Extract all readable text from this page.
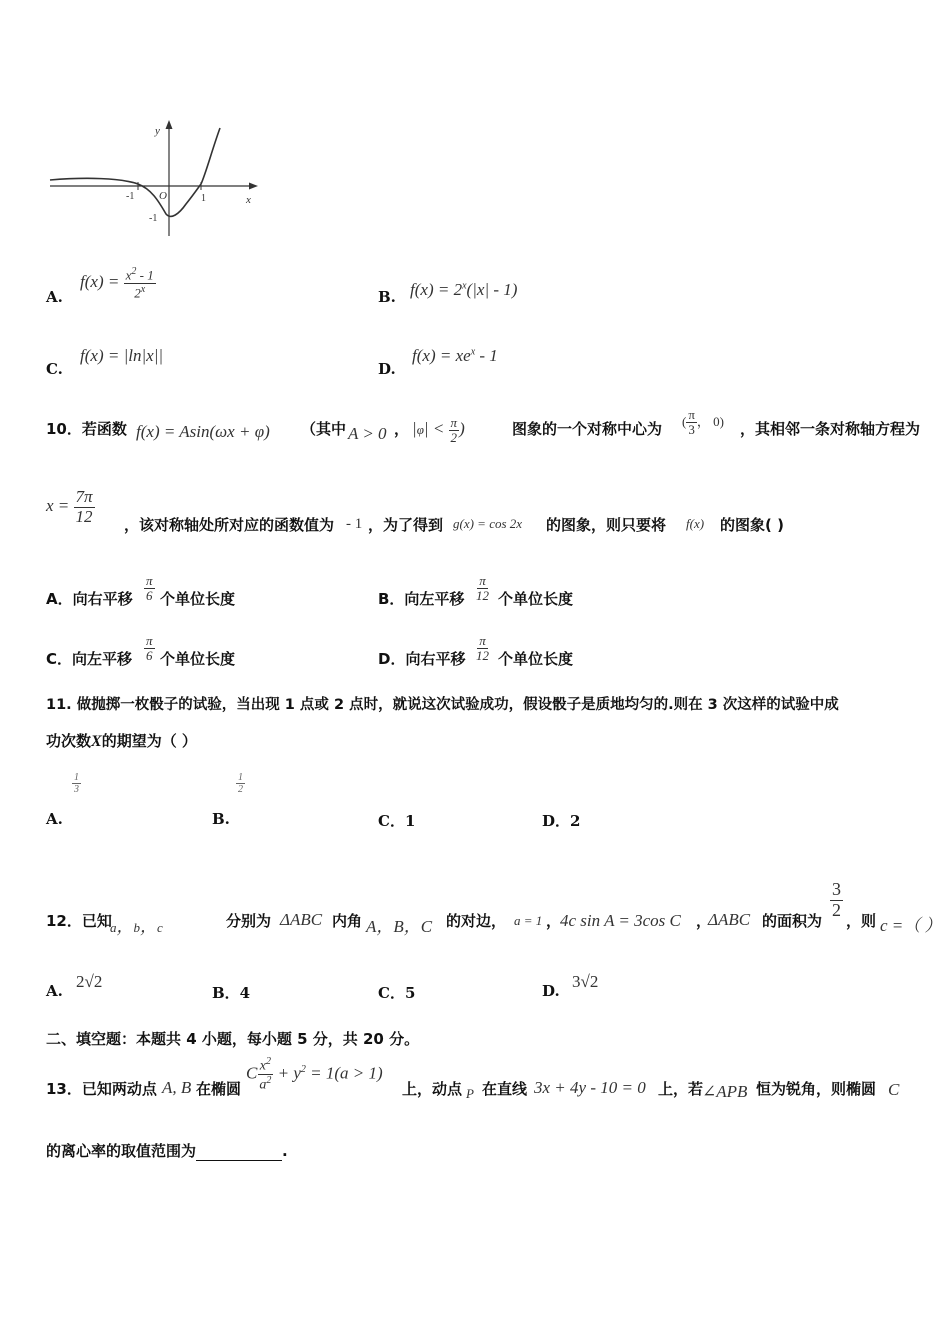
y
x
O
-1	1
-1
A.
$f(x) = \frac{x^2 - 1}{2^x}$	B. $f(x) = 2^x(|x| - 1)$
C.
f(x) = |ln|x||
D.
$f(x) = xe^x - 1$
10．若函数 f(x) = Asin(ωx + φ) （其中 A > 0 ， $|\varphi| < \frac{\pi}{2}$ )	图象的一个对称中心为 ( $\frac{\pi}{3}$ ， 0) ，其相邻一条对称轴方程为
$x = \frac{7\pi}{12}$ ，该对称轴处所对应的函数值为 - 1 ，为了得到 g(x) = cos 2x 的图象，则只要将 f(x) 的图象( )
A．向右平移 $\frac{\pi}{6}$ 个单位长度	B．向左平移 $\frac{\pi}{12}$ 个单位长度
C．向左平移 $\frac{\pi}{6}$ 个单位长度	D．向右平移 $\frac{\pi}{12}$ 个单位长度
11. 做抛掷一枚骰子的试验，当出现 1 点或 2 点时，就说这次试验成功，假设骰子是质地均匀的.则在 3 次这样的试验中成
功次数X的期望为（ ）
$\frac{1}{3}$
A.
$\frac{1}{2}$
B.	C．1	D．2
12．已知
a，b，c	分别为 ΔABC 内角 A，B，C 的对边， a = 1 ，
4c sin A = 3cos C ，
ΔABC 的面积为
$\frac{3}{2}$
，则 c =（ ）
A. 2√2
B．4	C．5	D. 3√2
二、填空题：本题共 4 小题，每小题 5 分，共 20 分。
13．已知两动点 A, B 在椭圆
C $\frac{x^2}{a^2} + y^2 = 1(a > 1)$
上，动点 P 在直线 3x + 4y - 10 = 0 上，若
∠APB 恒为锐角，则椭圆 C
的离心率的取值范围为	.
